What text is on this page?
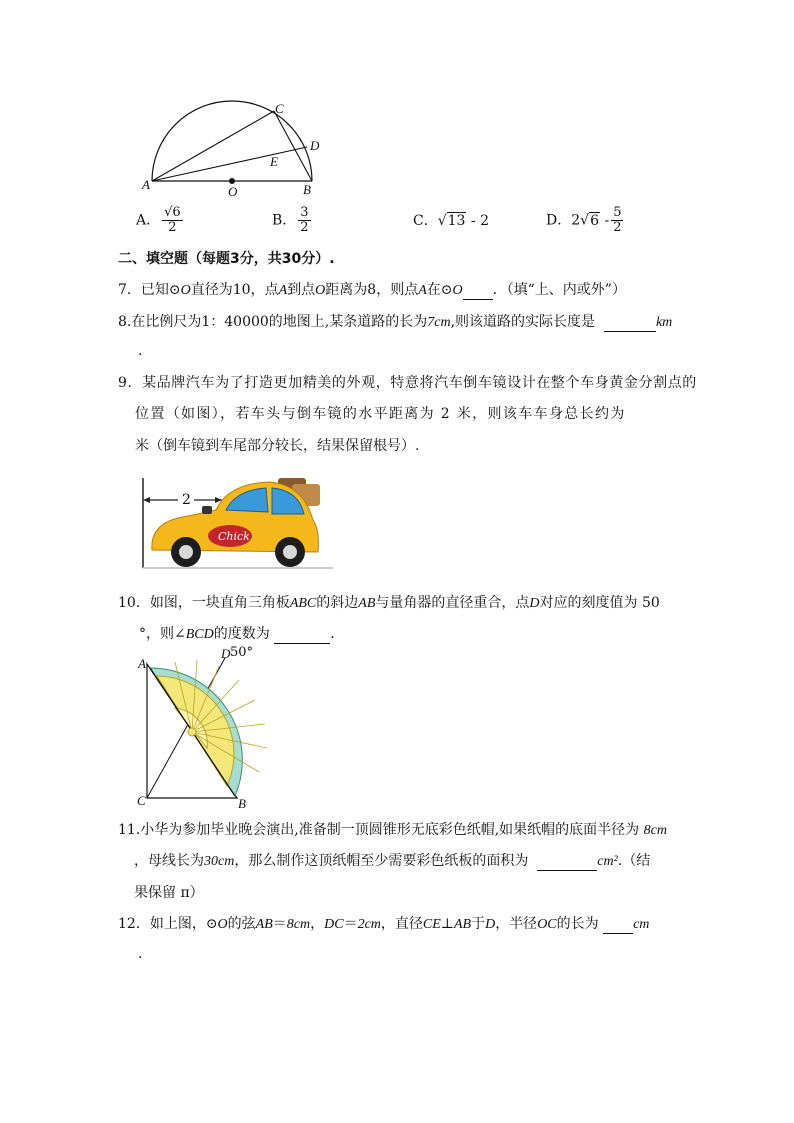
C
D
E
A	O	B
A． $\frac{√6}{2}$	B． $\frac{3}{2}$	C．√13 - 2	D．$2√6 - \frac{5}{2}$
二、填空题（每题3分，共30分）.
7．已知⊙O直径为10，点A到点O距离为8，则点A在⊙O ．（填“上、内或外”）
8.在比例尺为1：40000的地图上,某条道路的长为7cm,则该道路的实际长度是	km
.
9．某品牌汽车为了打造更加精美的外观，特意将汽车倒车镜设计在整个车身黄金分割点的
位置（如图），若车头与倒车镜的水平距离为 2 米，则该车车身总长约为
米（倒车镜到车尾部分较长，结果保留根号）.
Chick
2
10．如图，一块直角三角板ABC的斜边AB与量角器的直径重合，点D对应的刻度值为 50
°，则∠BCD的度数为	.
A
D 50°
C	B
11.小华为参加毕业晚会演出,准备制一顶圆锥形无底彩色纸帽,如果纸帽的底面半径为 8cm
，母线长为30cm，那么制作这顶纸帽至少需要彩色纸板的面积为	cm².（结
果保留 π）
12．如上图，⊙O的弦AB＝8cm，DC＝2cm，直径CE⊥AB于D，半径OC的长为 cm
.
